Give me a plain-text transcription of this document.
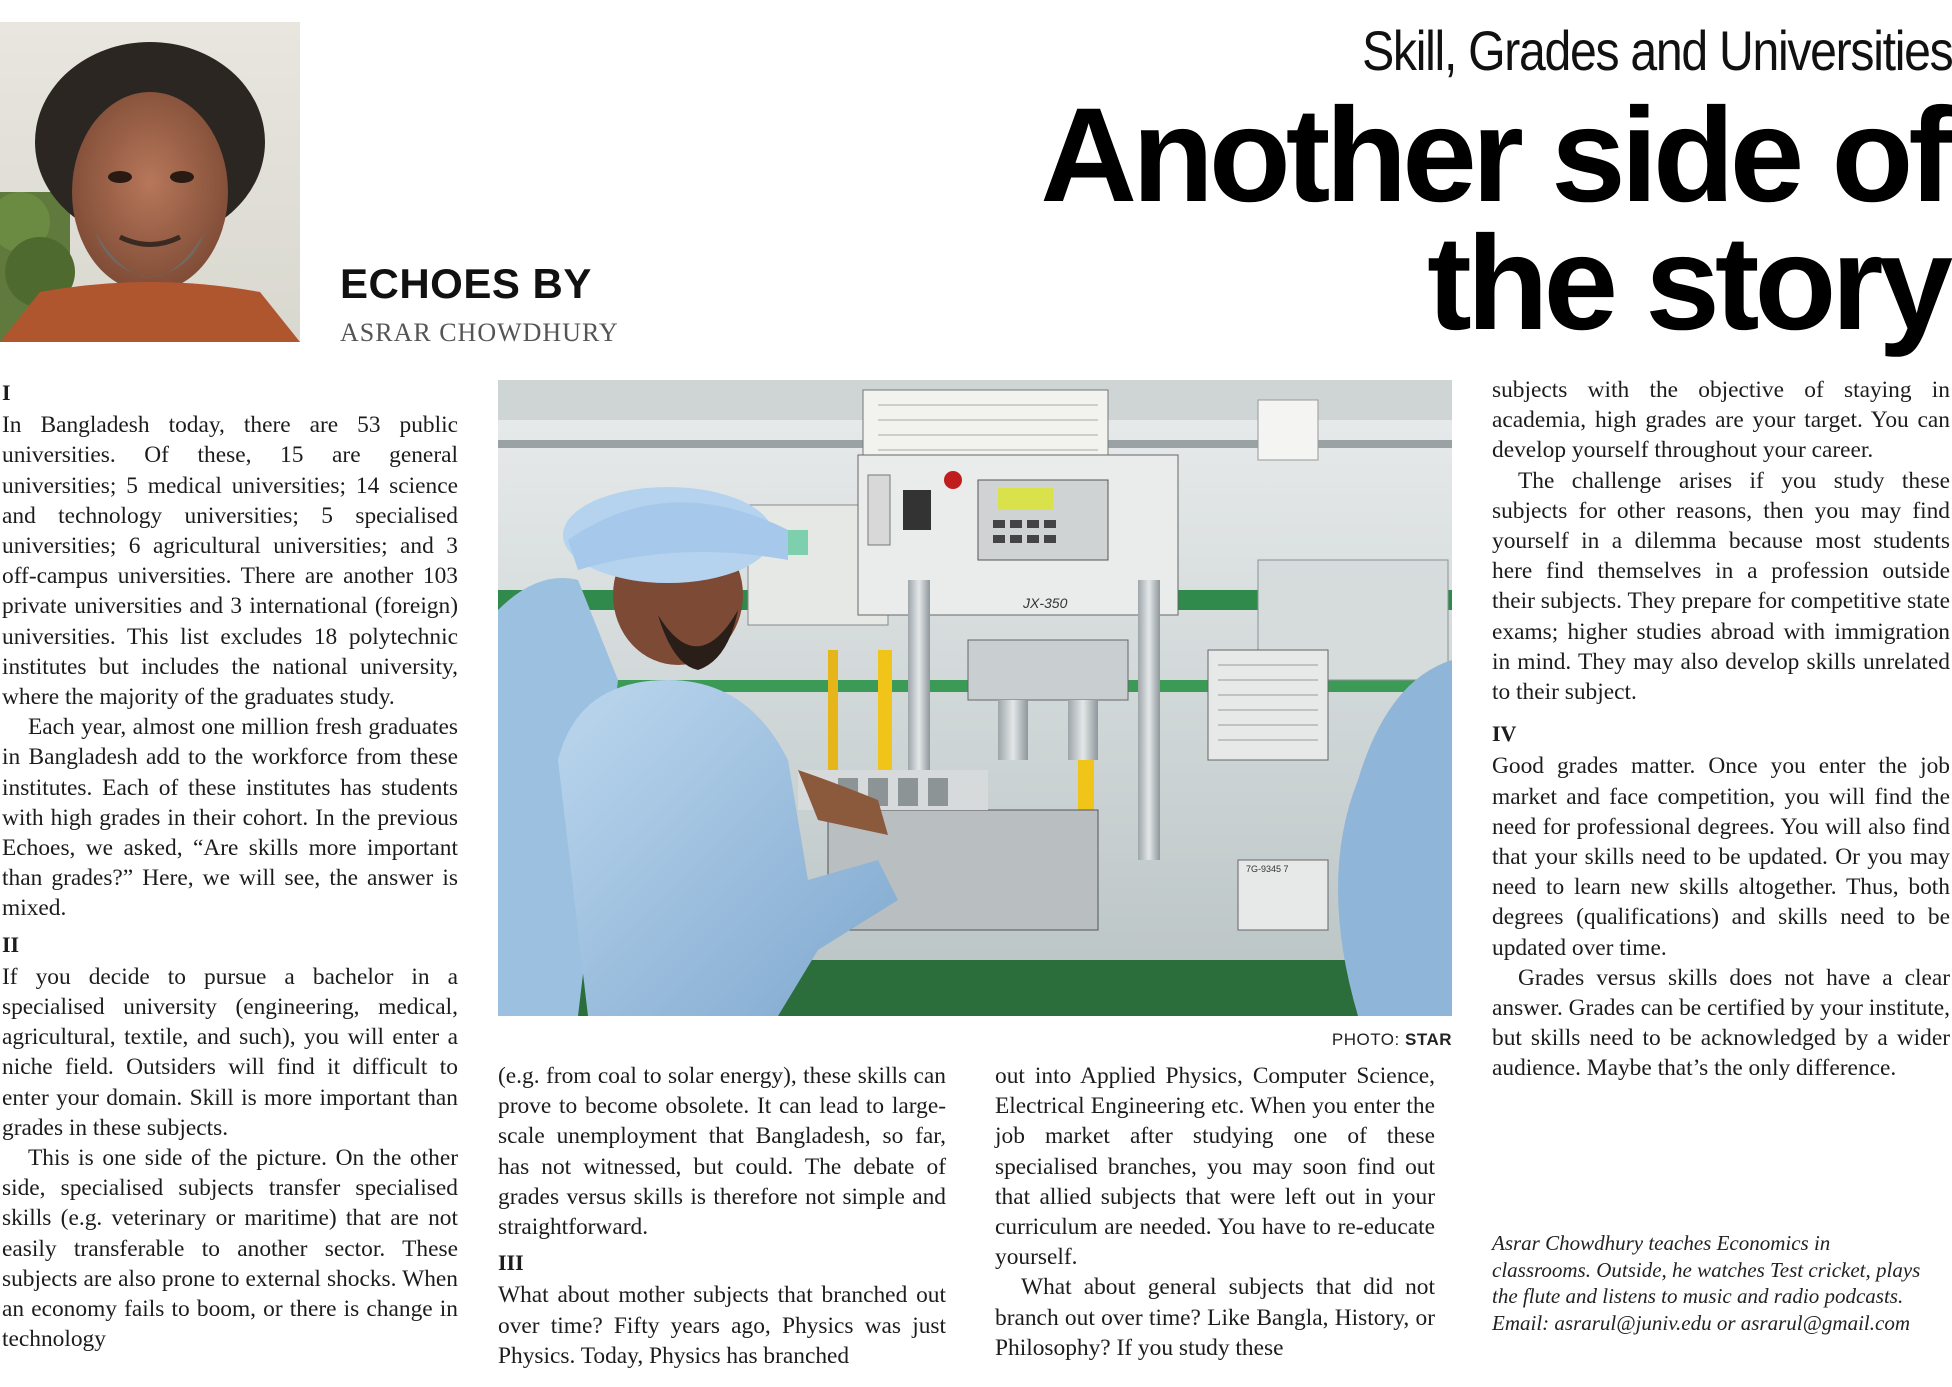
ECHOES BY
ASRAR CHOWDHURY
Skill, Grades and Universities
Another side of
the story
I

In Bangladesh today, there are 53 public universities. Of these, 15 are general universities; 5 medical universities; 14 science and technology universities; 5 specialised universities; 6 agricultural universities; and 3 off-campus universities. There are another 103 private universities and 3 international (foreign) universities. This list excludes 18 polytechnic institutes but includes the national university, where the majority of the graduates study.

Each year, almost one million fresh graduates in Bangladesh add to the workforce from these institutes. Each of these institutes has students with high grades in their cohort. In the previous Echoes, we asked, “Are skills more important than grades?” Here, we will see, the answer is mixed.

II

If you decide to pursue a bachelor in a specialised university (engineering, medical, agricultural, textile, and such), you will enter a niche field. Outsiders will find it difficult to enter your domain. Skill is more important than grades in these subjects.

This is one side of the picture. On the other side, specialised subjects transfer specialised skills (e.g. veterinary or maritime) that are not easily transferable to another sector. These subjects are also prone to external shocks. When an economy fails to boom, or there is change in technology

JX-350
7G-9345 7
PHOTO: STAR

(e.g. from coal to solar energy), these skills can prove to become obsolete. It can lead to large-scale unemployment that Bangladesh, so far, has not witnessed, but could. The debate of grades versus skills is therefore not simple and straightforward.

III

What about mother subjects that branched out over time? Fifty years ago, Physics was just Physics. Today, Physics has branched

out into Applied Physics, Computer Science, Electrical Engineering etc. When you enter the job market after studying one of these specialised branches, you may soon find out that allied subjects that were left out in your curriculum are needed. You have to re-educate yourself.

What about general subjects that did not branch out over time? Like Bangla, History, or Philosophy? If you study these

subjects with the objective of staying in academia, high grades are your target. You can develop yourself throughout your career.

The challenge arises if you study these subjects for other reasons, then you may find yourself in a dilemma because most students here find themselves in a profession outside their subjects. They prepare for competitive state exams; higher studies abroad with immigration in mind. They may also develop skills unrelated to their subject.

IV

Good grades matter. Once you enter the job market and face competition, you will find the need for professional degrees. You will also find that your skills need to be updated. Or you may need to learn new skills altogether. Thus, both degrees (qualifications) and skills need to be updated over time.

Grades versus skills does not have a clear answer. Grades can be certified by your institute, but skills need to be acknowledged by a wider audience. Maybe that’s the only difference.

Asrar Chowdhury teaches Economics in classrooms. Outside, he watches Test cricket, plays the flute and listens to music and radio podcasts. Email: asrarul@juniv.edu or asrarul@gmail.com
